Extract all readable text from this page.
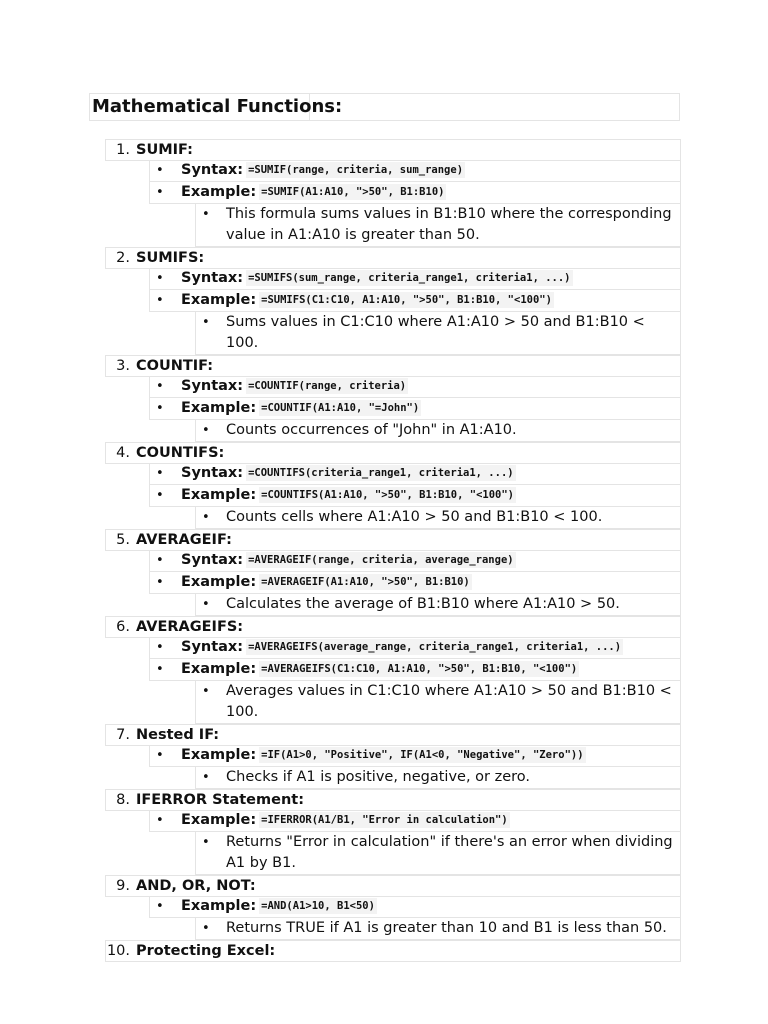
Mathematical Functions:
1. SUMIF:
• Syntax: =SUMIF(range, criteria, sum_range)
• Example: =SUMIF(A1:A10, ">50", B1:B10)
• This formula sums values in B1:B10 where the corresponding value in A1:A10 is greater than 50.
2. SUMIFS:
• Syntax: =SUMIFS(sum_range, criteria_range1, criteria1, ...)
• Example: =SUMIFS(C1:C10, A1:A10, ">50", B1:B10, "<100")
• Sums values in C1:C10 where A1:A10 > 50 and B1:B10 < 100.
3. COUNTIF:
• Syntax: =COUNTIF(range, criteria)
• Example: =COUNTIF(A1:A10, "=John")
• Counts occurrences of "John" in A1:A10.
4. COUNTIFS:
• Syntax: =COUNTIFS(criteria_range1, criteria1, ...)
• Example: =COUNTIFS(A1:A10, ">50", B1:B10, "<100")
• Counts cells where A1:A10 > 50 and B1:B10 < 100.
5. AVERAGEIF:
• Syntax: =AVERAGEIF(range, criteria, average_range)
• Example: =AVERAGEIF(A1:A10, ">50", B1:B10)
• Calculates the average of B1:B10 where A1:A10 > 50.
6. AVERAGEIFS:
• Syntax: =AVERAGEIFS(average_range, criteria_range1, criteria1, ...)
• Example: =AVERAGEIFS(C1:C10, A1:A10, ">50", B1:B10, "<100")
• Averages values in C1:C10 where A1:A10 > 50 and B1:B10 < 100.
7. Nested IF:
• Example: =IF(A1>0, "Positive", IF(A1<0, "Negative", "Zero"))
• Checks if A1 is positive, negative, or zero.
8. IFERROR Statement:
• Example: =IFERROR(A1/B1, "Error in calculation")
• Returns "Error in calculation" if there's an error when dividing A1 by B1.
9. AND, OR, NOT:
• Example: =AND(A1>10, B1<50)
• Returns TRUE if A1 is greater than 10 and B1 is less than 50.
10. Protecting Excel:
